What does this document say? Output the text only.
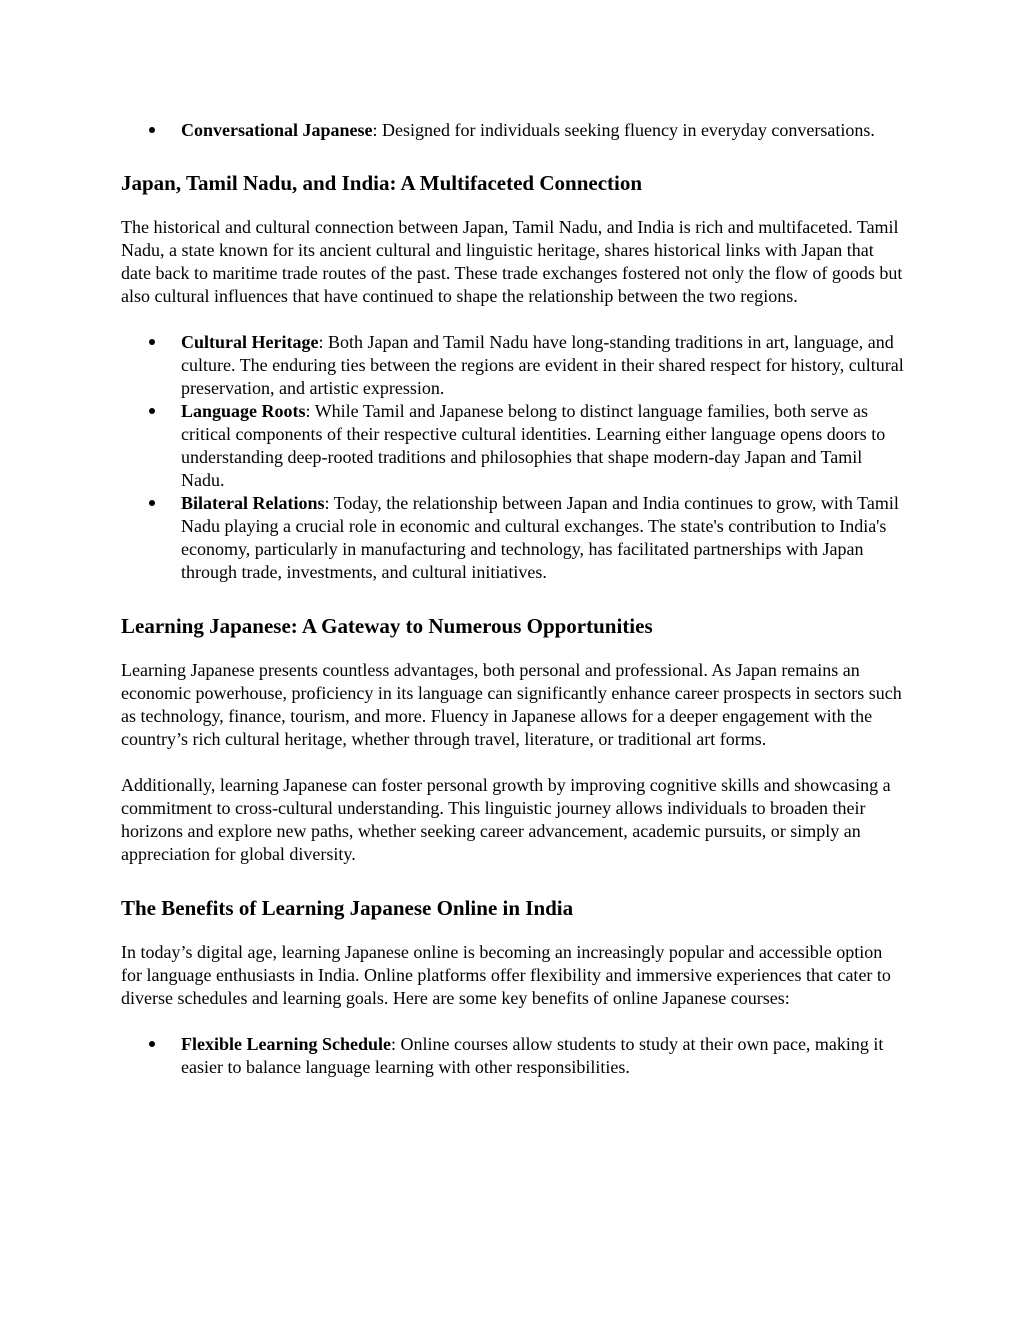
Conversational Japanese: Designed for individuals seeking fluency in everyday conversations.
Japan, Tamil Nadu, and India: A Multifaceted Connection

The historical and cultural connection between Japan, Tamil Nadu, and India is rich and multifaceted. Tamil Nadu, a state known for its ancient cultural and linguistic heritage, shares historical links with Japan that date back to maritime trade routes of the past. These trade exchanges fostered not only the flow of goods but also cultural influences that have continued to shape the relationship between the two regions.

Cultural Heritage: Both Japan and Tamil Nadu have long-standing traditions in art, language, and culture. The enduring ties between the regions are evident in their shared respect for history, cultural preservation, and artistic expression.
Language Roots: While Tamil and Japanese belong to distinct language families, both serve as critical components of their respective cultural identities. Learning either language opens doors to understanding deep-rooted traditions and philosophies that shape modern-day Japan and Tamil Nadu.
Bilateral Relations: Today, the relationship between Japan and India continues to grow, with Tamil Nadu playing a crucial role in economic and cultural exchanges. The state's contribution to India's economy, particularly in manufacturing and technology, has facilitated partnerships with Japan through trade, investments, and cultural initiatives.
Learning Japanese: A Gateway to Numerous Opportunities

Learning Japanese presents countless advantages, both personal and professional. As Japan remains an economic powerhouse, proficiency in its language can significantly enhance career prospects in sectors such as technology, finance, tourism, and more. Fluency in Japanese allows for a deeper engagement with the country’s rich cultural heritage, whether through travel, literature, or traditional art forms.

Additionally, learning Japanese can foster personal growth by improving cognitive skills and showcasing a commitment to cross-cultural understanding. This linguistic journey allows individuals to broaden their horizons and explore new paths, whether seeking career advancement, academic pursuits, or simply an appreciation for global diversity.

The Benefits of Learning Japanese Online in India

In today’s digital age, learning Japanese online is becoming an increasingly popular and accessible option for language enthusiasts in India. Online platforms offer flexibility and immersive experiences that cater to diverse schedules and learning goals. Here are some key benefits of online Japanese courses:

Flexible Learning Schedule: Online courses allow students to study at their own pace, making it easier to balance language learning with other responsibilities.
